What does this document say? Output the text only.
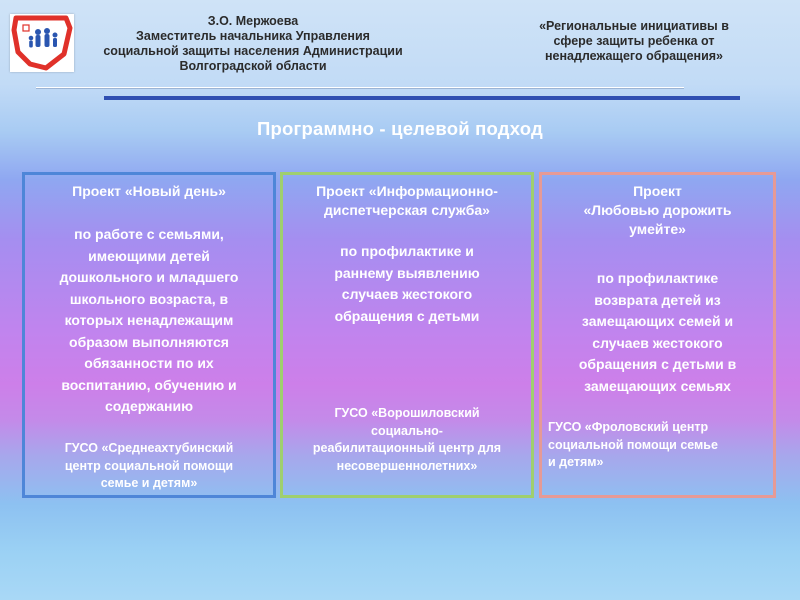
З.О. Мержоева
Заместитель начальника Управления
социальной защиты населения Администрации
Волгоградской области
«Региональные инициативы в
сфере защиты ребенка от
ненадлежащего обращения»
Программно - целевой подход
Проект «Новый день»
по работе с семьями,
имеющими детей
дошкольного и младшего
школьного возраста, в
которых ненадлежащим
образом выполняются
обязанности по их
воспитанию, обучению и
содержанию
ГУСО «Среднеахтубинский
центр социальной помощи
семье и детям»
Проект «Информационно-
диспетчерская служба»
по профилактике и
раннему выявлению
случаев жестокого
обращения с детьми
ГУСО «Ворошиловский
социально-
реабилитационный центр для
несовершеннолетних»
Проект
«Любовью дорожить
умейте»
по профилактике
возврата детей из
замещающих семей и
случаев жестокого
обращения с детьми в
замещающих семьях
ГУСО «Фроловский центр
социальной помощи семье
и детям»
